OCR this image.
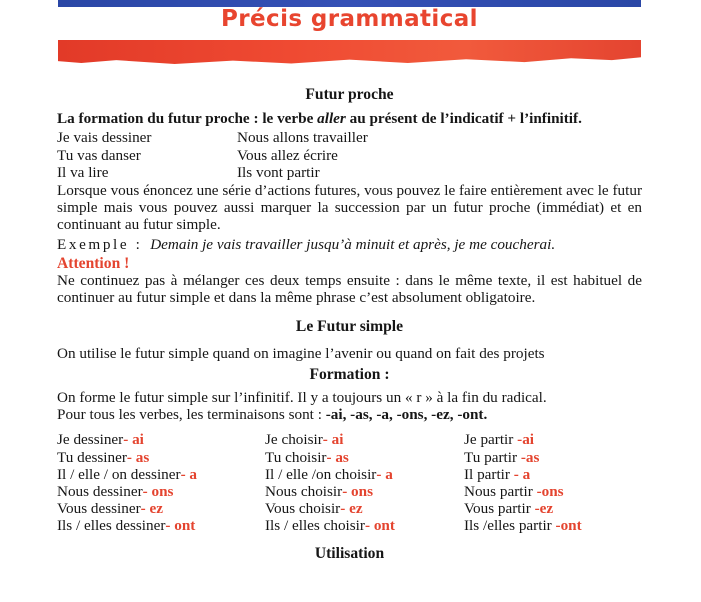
Précis grammatical
Futur proche

La formation du futur proche : le verbe aller au présent de l’indicatif + l’infinitif.

Je vais dessiner	Nous allons travailler
Tu vas danser	Vous allez écrire
Il va lire	Ils vont partir

Lorsque vous énoncez une série d’actions futures, vous pouvez le faire entièrement avec le futur simple mais vous pouvez aussi marquer la succession par un futur proche (immédiat) et en continuant au futur simple.

Exemple : Demain je vais travailler jusqu’à minuit et après, je me coucherai.

Attention !

Ne continuez pas à mélanger ces deux temps ensuite : dans le même texte, il est habituel de continuer au futur simple et dans la même phrase c’est absolument obligatoire.

Le Futur simple

On utilise le futur simple quand on imagine l’avenir ou quand on fait des projets

Formation :

On forme le futur simple sur l’infinitif. Il y a toujours un « r » à la fin du radical.

Pour tous les verbes, les terminaisons sont : -ai, -as, -a, -ons, -ez, -ont.

Je dessiner- ai	Je choisir- ai	Je partir -ai
Tu dessiner- as	Tu choisir- as	Tu partir -as
Il / elle / on dessiner- a	Il / elle /on choisir- a	Il partir - a
Nous dessiner- ons	Nous choisir- ons	Nous partir -ons
Vous dessiner- ez	Vous choisir- ez	Vous partir -ez
Ils / elles dessiner- ont	Ils / elles choisir- ont	Ils /elles partir -ont
Utilisation
